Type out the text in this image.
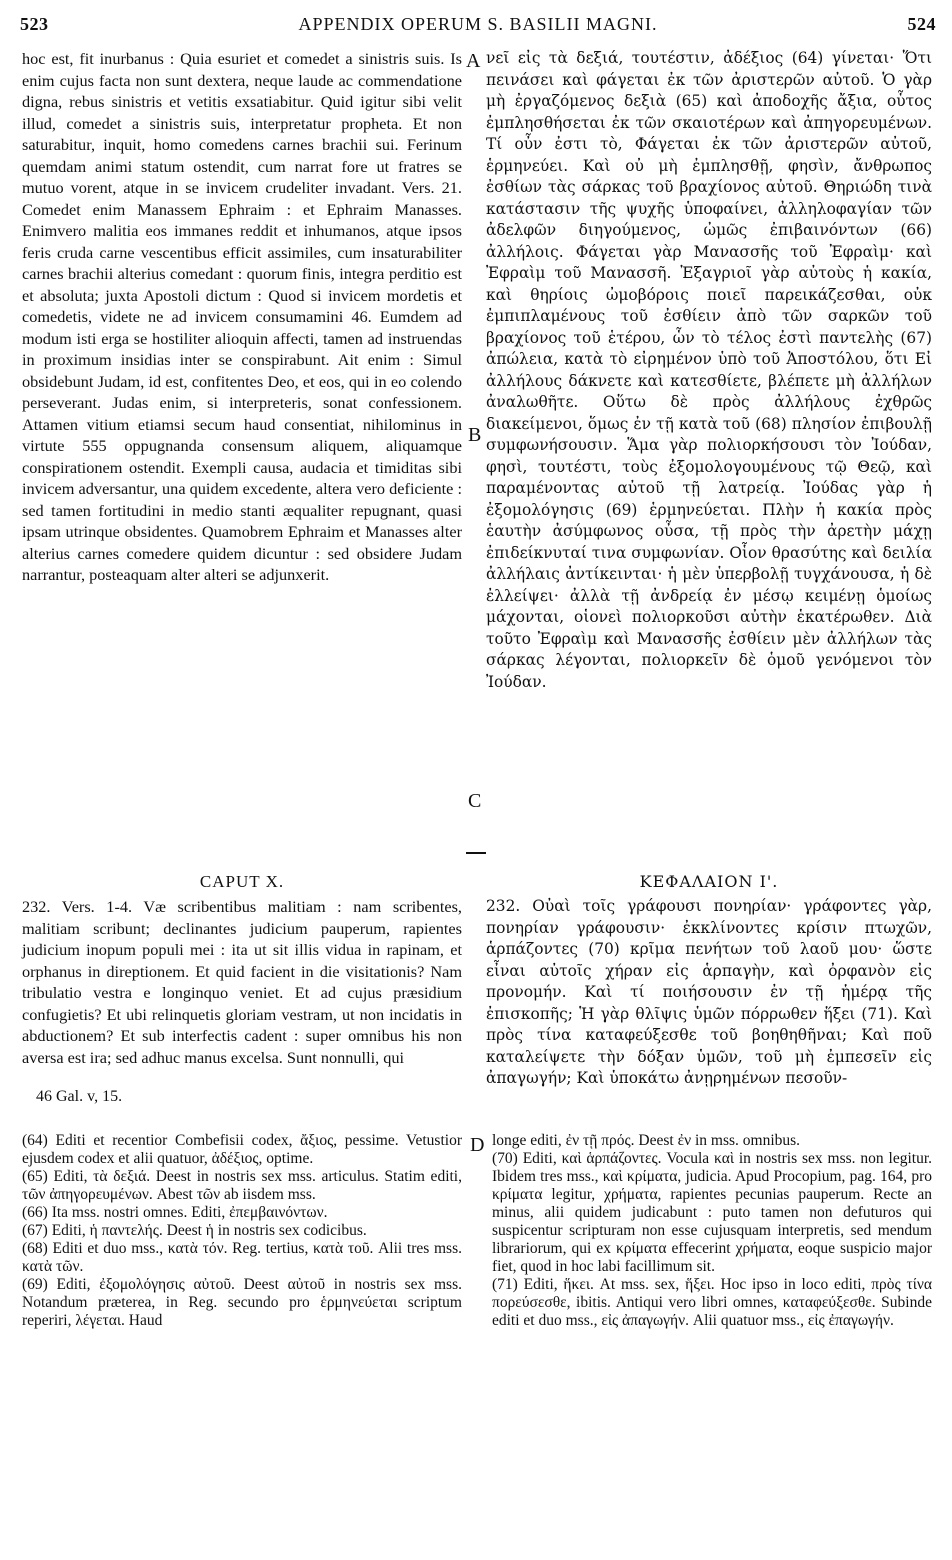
523	APPENDIX OPERUM S. BASILII MAGNI.	524

hoc est, fit inurbanus : Quia esuriet et comedet a sinistris suis. Is enim cujus facta non sunt dextera, neque laude ac commendatione digna, rebus sinistris et vetitis exsatiabitur. Quid igitur sibi velit illud, comedet a sinistris suis, interpretatur propheta. Et non saturabitur, inquit, homo comedens carnes brachii sui. Ferinum quemdam animi statum ostendit, cum narrat fore ut fratres se mutuo vorent, atque in se invicem crudeliter invadant. Vers. 21. Comedet enim Manassem Ephraim : et Ephraim Manasses. Enimvero malitia eos immanes reddit et inhumanos, atque ipsos feris cruda carne vescentibus efficit assimiles, cum insaturabiliter carnes brachii alterius comedant : quorum finis, integra perditio est et absoluta; juxta Apostoli dictum : Quod si invicem mordetis et comedetis, videte ne ad invicem consumamini 46. Eumdem ad modum isti erga se hostiliter alioquin affecti, tamen ad instruendas in proximum insidias inter se conspirabunt. Ait enim : Simul obsidebunt Judam, id est, confitentes Deo, et eos, qui in eo colendo perseverant. Judas enim, si interpreteris, sonat confessionem. Attamen vitium etiamsi secum haud consentiat, nihilominus in virtute 555 oppugnanda consensum aliquem, aliquamque conspirationem ostendit. Exempli causa, audacia et timiditas sibi invicem adversantur, una quidem excedente, altera vero deficiente : sed tamen fortitudini in medio stanti æqualiter repugnant, quasi ipsam utrinque obsidentes. Quamobrem Ephraim et Manasses alter alterius carnes comedere quidem dicuntur : sed obsidere Judam narrantur, posteaquam alter alteri se adjunxerit.

νεῖ εἰς τὰ δεξιά, τουτέστιν, ἀδέξιος (64) γίνεται· Ὅτι πεινάσει καὶ φάγεται ἐκ τῶν ἀριστερῶν αὐτοῦ. Ὁ γὰρ μὴ ἐργαζόμενος δεξιὰ (65) καὶ ἀποδοχῆς ἄξια, οὗτος ἐμπλησθήσεται ἐκ τῶν σκαιοτέρων καὶ ἀπηγορευμένων. Τί οὖν ἐστι τὸ, Φάγεται ἐκ τῶν ἀριστερῶν αὐτοῦ, ἑρμηνεύει. Καὶ οὐ μὴ ἐμπλησθῇ, φησὶν, ἄνθρωπος ἐσθίων τὰς σάρκας τοῦ βραχίονος αὐτοῦ. Θηριώδη τινὰ κατάστασιν τῆς ψυχῆς ὑποφαίνει, ἀλληλοφαγίαν τῶν ἀδελφῶν διηγούμενος, ὠμῶς ἐπιβαινόντων (66) ἀλλήλοις. Φάγεται γὰρ Μανασσῆς τοῦ Ἐφραὶμ· καὶ Ἐφραὶμ τοῦ Μανασσῆ. Ἐξαγριοῖ γὰρ αὐτοὺς ἡ κακία, καὶ θηρίοις ὠμοβόροις ποιεῖ παρεικάζεσθαι, οὐκ ἐμπιπλαμένους τοῦ ἐσθίειν ἀπὸ τῶν σαρκῶν τοῦ βραχίονος τοῦ ἑτέρου, ὧν τὸ τέλος ἐστὶ παντελὴς (67) ἀπώλεια, κατὰ τὸ εἰρημένον ὑπὸ τοῦ Ἀποστόλου, ὅτι Εἰ ἀλλήλους δάκνετε καὶ κατεσθίετε, βλέπετε μὴ ἀλλήλων ἀναλωθῆτε. Οὕτω δὲ πρὸς ἀλλήλους ἐχθρῶς διακείμενοι, ὅμως ἐν τῇ κατὰ τοῦ (68) πλησίον ἐπιβουλῇ συμφωνήσουσιν. Ἅμα γὰρ πολιορκήσουσι τὸν Ἰούδαν, φησὶ, τουτέστι, τοὺς ἐξομολογουμένους τῷ Θεῷ, καὶ παραμένοντας αὐτοῦ τῇ λατρείᾳ. Ἰούδας γὰρ ἡ ἐξομολόγησις (69) ἑρμηνεύεται. Πλὴν ἡ κακία πρὸς ἑαυτὴν ἀσύμφωνος οὖσα, τῇ πρὸς τὴν ἀρετὴν μάχῃ ἐπιδείκνυταί τινα συμφωνίαν. Οἷον θρασύτης καὶ δειλία ἀλλήλαις ἀντίκεινται· ἡ μὲν ὑπερβολῇ τυγχάνουσα, ἡ δὲ ἐλλείψει· ἀλλὰ τῇ ἀνδρείᾳ ἐν μέσῳ κειμένῃ ὁμοίως μάχονται, οἱονεὶ πολιορκοῦσι αὐτὴν ἑκατέρωθεν. Διὰ τοῦτο Ἐφραὶμ καὶ Μανασσῆς ἐσθίειν μὲν ἀλλήλων τὰς σάρκας λέγονται, πολιορκεῖν δὲ ὁμοῦ γενόμενοι τὸν Ἰούδαν.

A
B
C
CAPUT X.	ΚΕΦΑΛΑΙΟΝ Ι'.

232. Vers. 1-4. Væ scribentibus malitiam : nam scribentes, malitiam scribunt; declinantes judicium pauperum, rapientes judicium inopum populi mei : ita ut sit illis vidua in rapinam, et orphanus in direptionem. Et quid facient in die visitationis? Nam tribulatio vestra e longinquo veniet. Et ad cujus præsidium confugietis? Et ubi relinquetis gloriam vestram, ut non incidatis in abductionem? Et sub interfectis cadent : super omnibus his non aversa est ira; sed adhuc manus excelsa. Sunt nonnulli, qui

232. Οὐαὶ τοῖς γράφουσι πονηρίαν· γράφοντες γὰρ, πονηρίαν γράφουσιν· ἐκκλίνοντες κρίσιν πτωχῶν, ἁρπάζοντες (70) κρῖμα πενήτων τοῦ λαοῦ μου· ὥστε εἶναι αὐτοῖς χήραν εἰς ἁρπαγὴν, καὶ ὀρφανὸν εἰς προνομήν. Καὶ τί ποιήσουσιν ἐν τῇ ἡμέρᾳ τῆς ἐπισκοπῆς; Ἡ γὰρ θλῖψις ὑμῶν πόρρωθεν ἥξει (71). Καὶ πρὸς τίνα καταφεύξεσθε τοῦ βοηθηθῆναι; Καὶ ποῦ καταλείψετε τὴν δόξαν ὑμῶν, τοῦ μὴ ἐμπεσεῖν εἰς ἀπαγωγήν; Καὶ ὑποκάτω ἀνῃρημένων πεσοῦν-

46 Gal. v, 15.
D

(64) Editi et recentior Combefisii codex, ἄξιος, pessime. Vetustior ejusdem codex et alii quatuor, ἀδέξιος, optime.

(65) Editi, τὰ δεξιά. Deest in nostris sex mss. articulus. Statim editi, τῶν ἀπηγορευμένων. Abest τῶν ab iisdem mss.

(66) Ita mss. nostri omnes. Editi, ἐπεμβαινόντων.

(67) Editi, ἡ παντελής. Deest ἡ in nostris sex codicibus.

(68) Editi et duo mss., κατὰ τόν. Reg. tertius, κατὰ τοῦ. Alii tres mss. κατὰ τῶν.

(69) Editi, ἐξομολόγησις αὐτοῦ. Deest αὐτοῦ in nostris sex mss. Notandum præterea, in Reg. secundo pro ἑρμηνεύεται scriptum reperiri, λέγεται. Haud

longe editi, ἐν τῇ πρός. Deest ἐν in mss. omnibus.

(70) Editi, καὶ ἁρπάζοντες. Vocula καὶ in nostris sex mss. non legitur. Ibidem tres mss., καὶ κρίματα, judicia. Apud Procopium, pag. 164, pro κρίματα legitur, χρήματα, rapientes pecunias pauperum. Recte an minus, alii quidem judicabunt : puto tamen non defuturos qui suspicentur scripturam non esse cujusquam interpretis, sed mendum librariorum, qui ex κρίματα effecerint χρήματα, eoque suspicio major fiet, quod in hoc labi facillimum sit.

(71) Editi, ἥκει. At mss. sex, ἥξει. Hoc ipso in loco editi, πρὸς τίνα πορεύσεσθε, ibitis. Antiqui vero libri omnes, καταφεύξεσθε. Subinde editi et duo mss., εἰς ἀπαγωγήν. Alii quatuor mss., εἰς ἐπαγωγήν.
